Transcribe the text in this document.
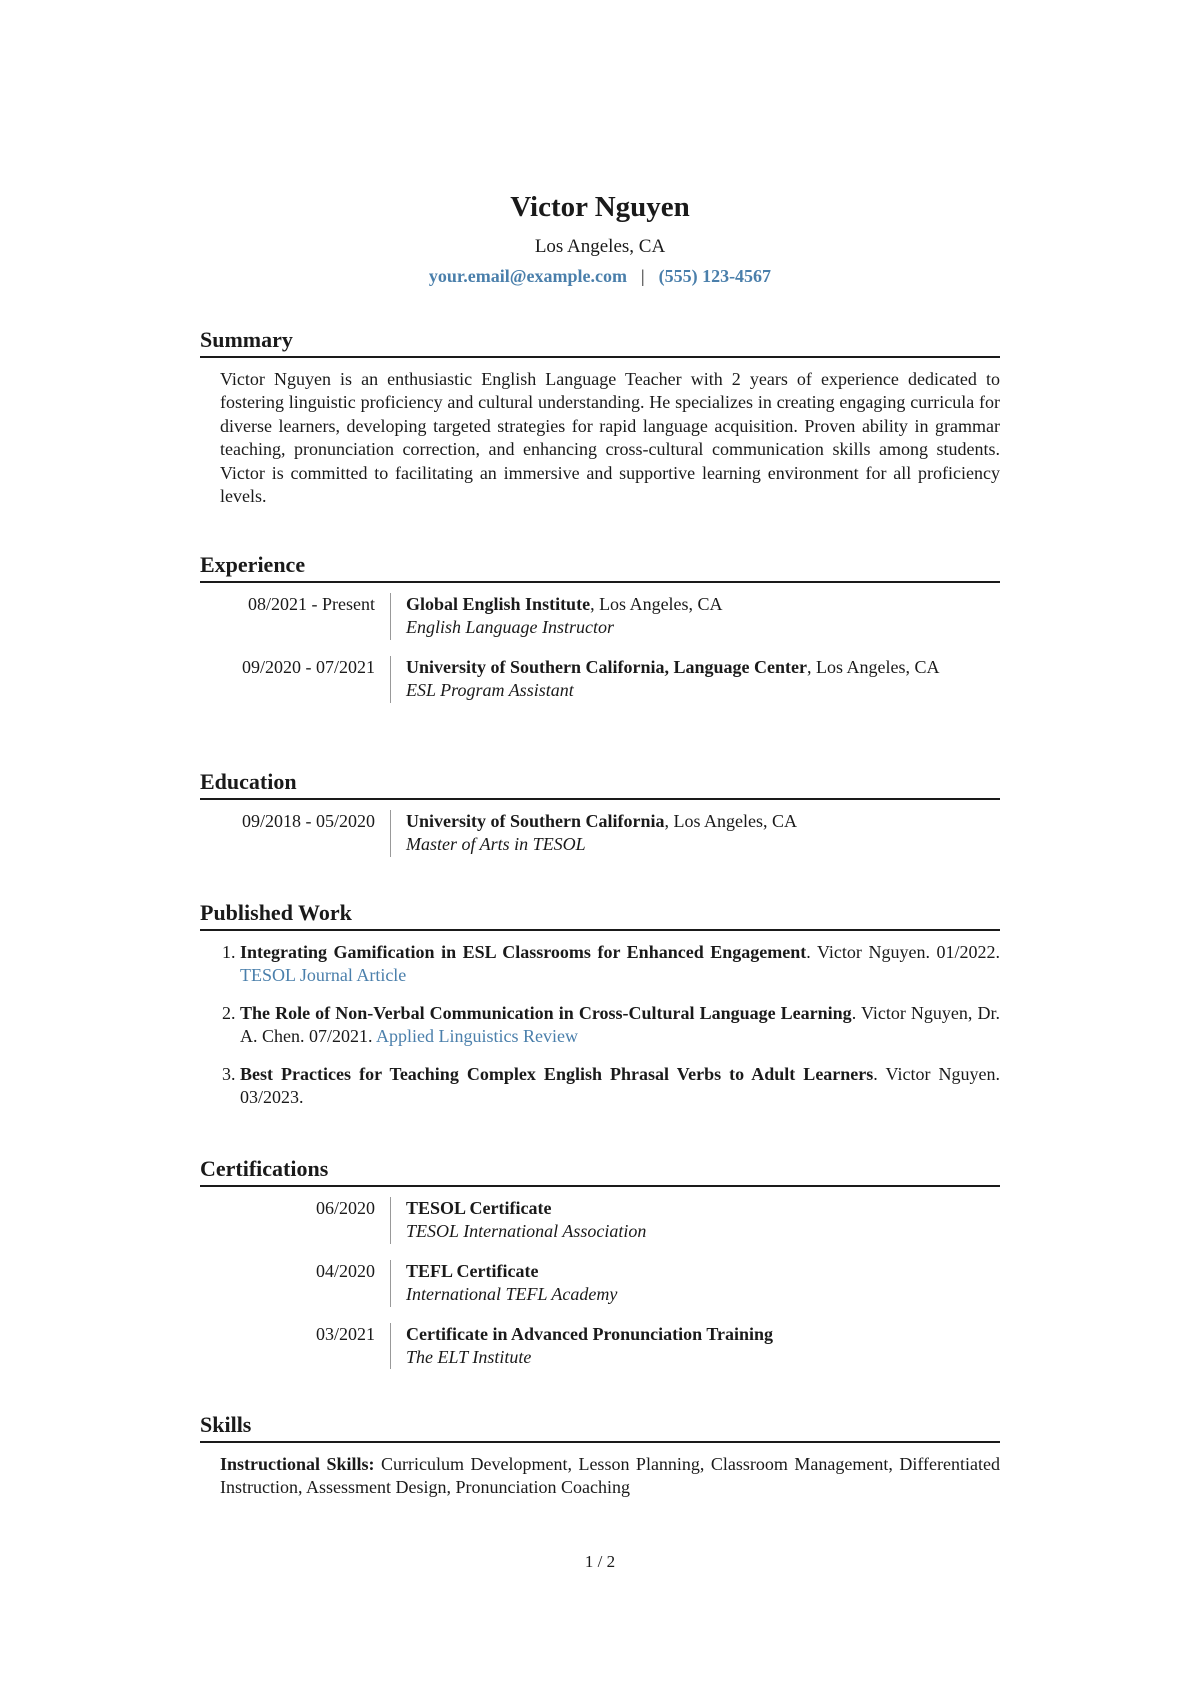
Victor Nguyen
Los Angeles, CA
your.email@example.com | (555) 123-4567
Summary
Victor Nguyen is an enthusiastic English Language Teacher with 2 years of experience dedicated to fostering linguistic proficiency and cultural understanding. He specializes in creating engaging curricula for diverse learners, developing targeted strategies for rapid language acquisition. Proven ability in grammar teaching, pronunciation correction, and enhancing cross-cultural communication skills among students. Victor is committed to facilitating an immersive and supportive learning environment for all proficiency levels.
Experience
08/2021 - Present	Global English Institute, Los Angeles, CA
English Language Instructor
09/2020 - 07/2021	University of Southern California, Language Center, Los Angeles, CA
ESL Program Assistant
Education
09/2018 - 05/2020	University of Southern California, Los Angeles, CA
Master of Arts in TESOL
Published Work
1. Integrating Gamification in ESL Classrooms for Enhanced Engagement. Victor Nguyen. 01/2022. TESOL Journal Article
2. The Role of Non-Verbal Communication in Cross-Cultural Language Learning. Victor Nguyen, Dr. A. Chen. 07/2021. Applied Linguistics Review
3. Best Practices for Teaching Complex English Phrasal Verbs to Adult Learners. Victor Nguyen. 03/2023.
Certifications
06/2020	TESOL Certificate
TESOL International Association
04/2020	TEFL Certificate
International TEFL Academy
03/2021	Certificate in Advanced Pronunciation Training
The ELT Institute
Skills
Instructional Skills: Curriculum Development, Lesson Planning, Classroom Management, Differentiated Instruction, Assessment Design, Pronunciation Coaching
1 / 2
